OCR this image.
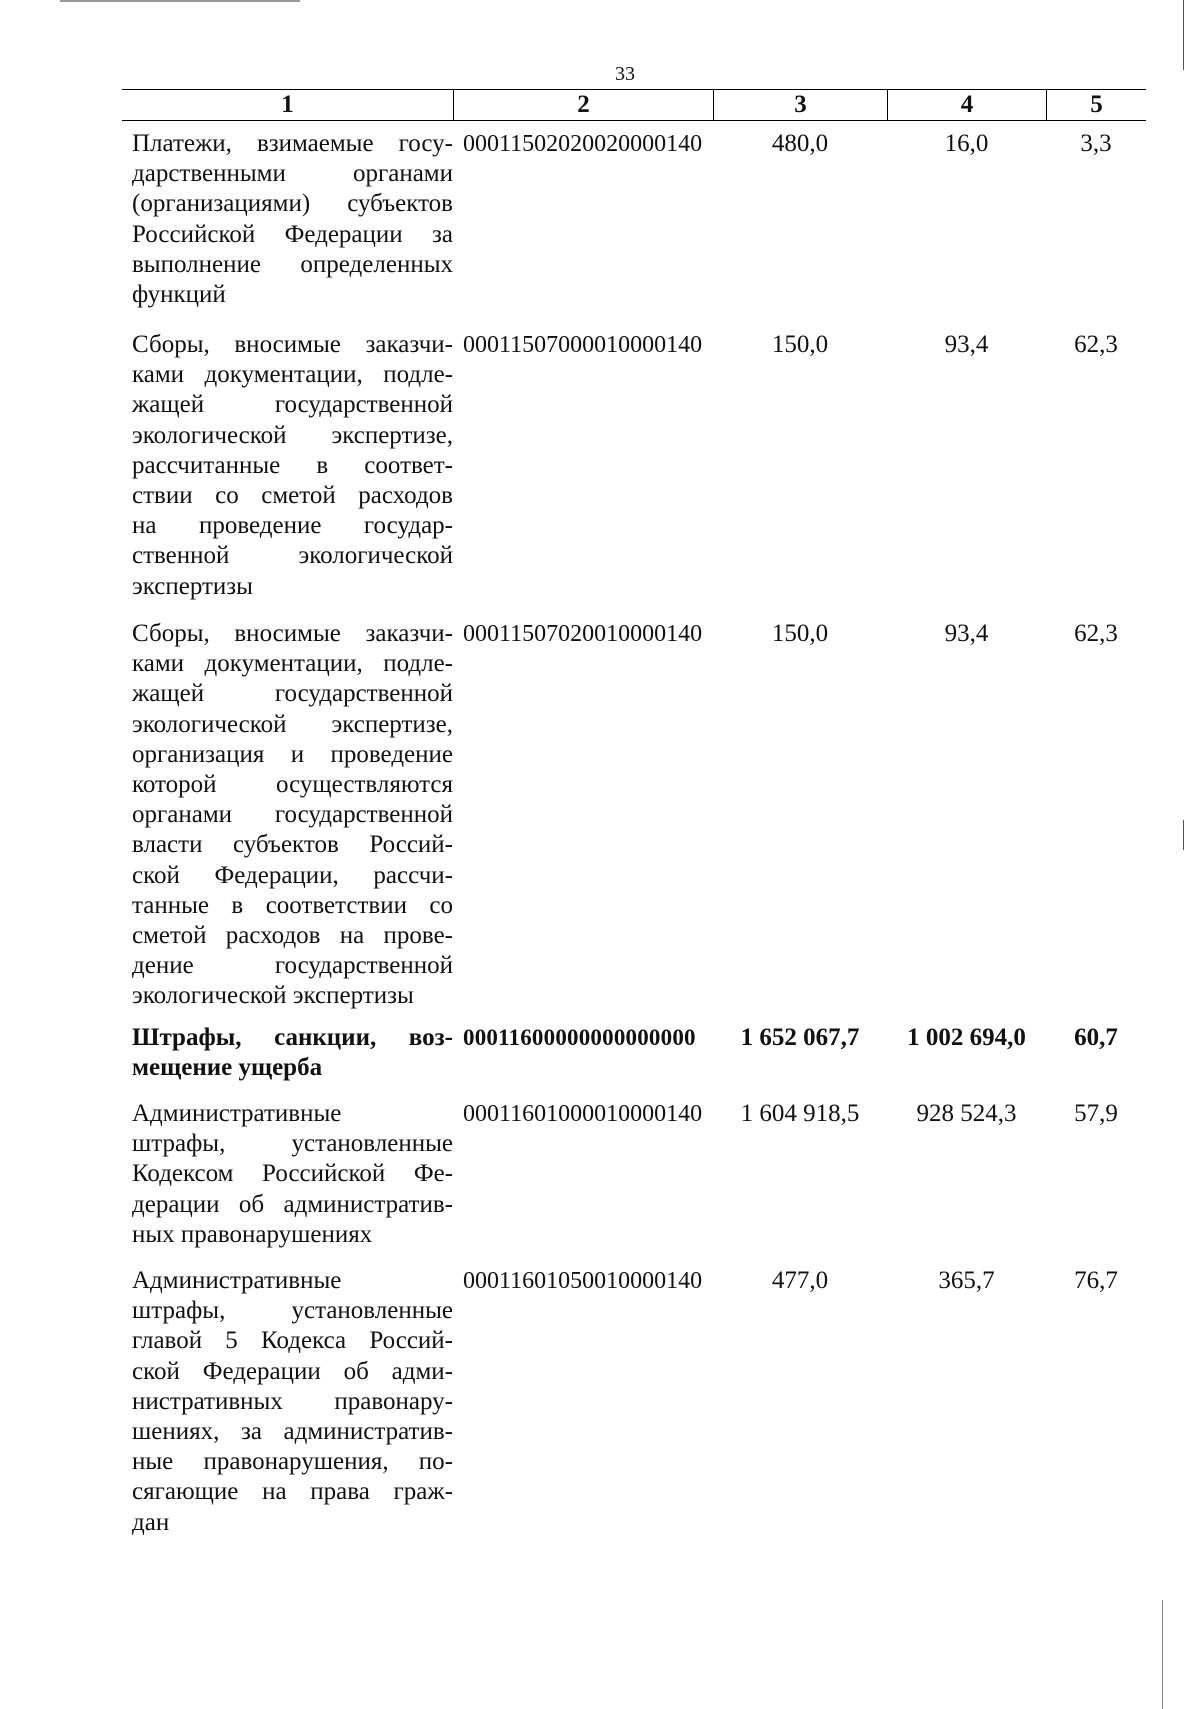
33
1	2	3	4	5
Платежи, взимаемые госу-
дарственными органами
(организациями) субъектов
Российской Федерации за
выполнение определенных
функций
00011502020020000140	480,0	16,0	3,3
Сборы, вносимые заказчи-
ками документации, подле-
жащей государственной
экологической экспертизе,
рассчитанные в соответ-
ствии со сметой расходов
на проведение государ-
ственной экологической
экспертизы
00011507000010000140	150,0	93,4	62,3
Сборы, вносимые заказчи-
ками документации, подле-
жащей государственной
экологической экспертизе,
организация и проведение
которой осуществляются
органами государственной
власти субъектов Россий-
ской Федерации, рассчи-
танные в соответствии со
сметой расходов на прове-
дение государственной
экологической экспертизы
00011507020010000140	150,0	93,4	62,3
Штрафы, санкции, воз-
мещение ущерба
00011600000000000000	1 652 067,7	1 002 694,0	60,7
Административные
штрафы, установленные
Кодексом Российской Фе-
дерации об административ-
ных правонарушениях
00011601000010000140	1 604 918,5	928 524,3	57,9
Административные
штрафы, установленные
главой 5 Кодекса Россий-
ской Федерации об адми-
нистративных правонару-
шениях, за административ-
ные правонарушения, по-
сягающие на права граж-
дан
00011601050010000140	477,0	365,7	76,7
